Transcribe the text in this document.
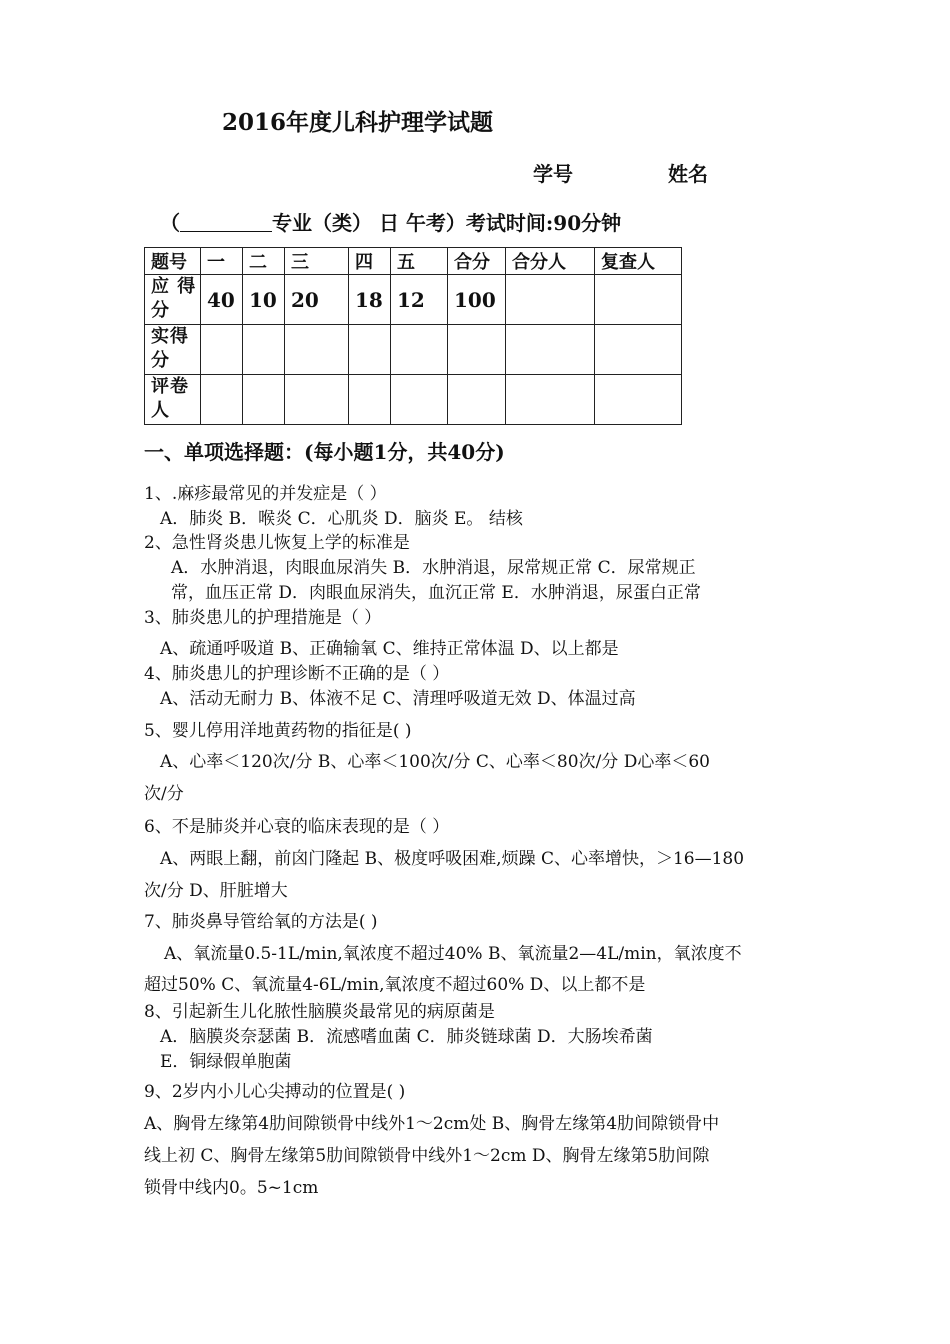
2016年度儿科护理学试题
学号	姓名
（	专业（类） 日 午考）考试时间:90分钟
题号	一	二	三	四	五	合分	合分人	复查人
应 得
分	40	10	20	18	12	100		
实得
分								
评卷
人								
一、单项选择题：(每小题1分，共40分)
1、.麻疹最常见的并发症是（ ）
A．肺炎 B．喉炎 C．心肌炎 D．脑炎 E。 结核
2、急性肾炎患儿恢复上学的标准是
A．水肿消退，肉眼血尿消失 B．水肿消退，尿常规正常 C．尿常规正
常，血压正常 D．肉眼血尿消失，血沉正常 E．水肿消退，尿蛋白正常
3、肺炎患儿的护理措施是（ ）
A、疏通呼吸道 B、正确输氧 C、维持正常体温 D、以上都是
4、肺炎患儿的护理诊断不正确的是（ ）
A、活动无耐力 B、体液不足 C、清理呼吸道无效 D、体温过高
5、婴儿停用洋地黄药物的指征是( )
A、心率＜120次/分 B、心率＜100次/分 C、心率＜80次/分 D心率＜60
次/分
6、不是肺炎并心衰的临床表现的是（ ）
A、两眼上翻，前囟门隆起 B、极度呼吸困难,烦躁 C、心率增快，＞16—180
次/分 D、肝脏增大
7、肺炎鼻导管给氧的方法是( )
A、氧流量0.5-1L/min,氧浓度不超过40% B、氧流量2—4L/min，氧浓度不
超过50% C、氧流量4-6L/min,氧浓度不超过60% D、以上都不是
8、引起新生儿化脓性脑膜炎最常见的病原菌是
A．脑膜炎奈瑟菌 B．流感嗜血菌 C．肺炎链球菌 D．大肠埃希菌
E．铜绿假单胞菌
9、2岁内小儿心尖搏动的位置是( )
A、胸骨左缘第4肋间隙锁骨中线外1～2cm处 B、胸骨左缘第4肋间隙锁骨中
线上初 C、胸骨左缘第5肋间隙锁骨中线外1～2cm D、胸骨左缘第5肋间隙
锁骨中线内0。5~1cm
